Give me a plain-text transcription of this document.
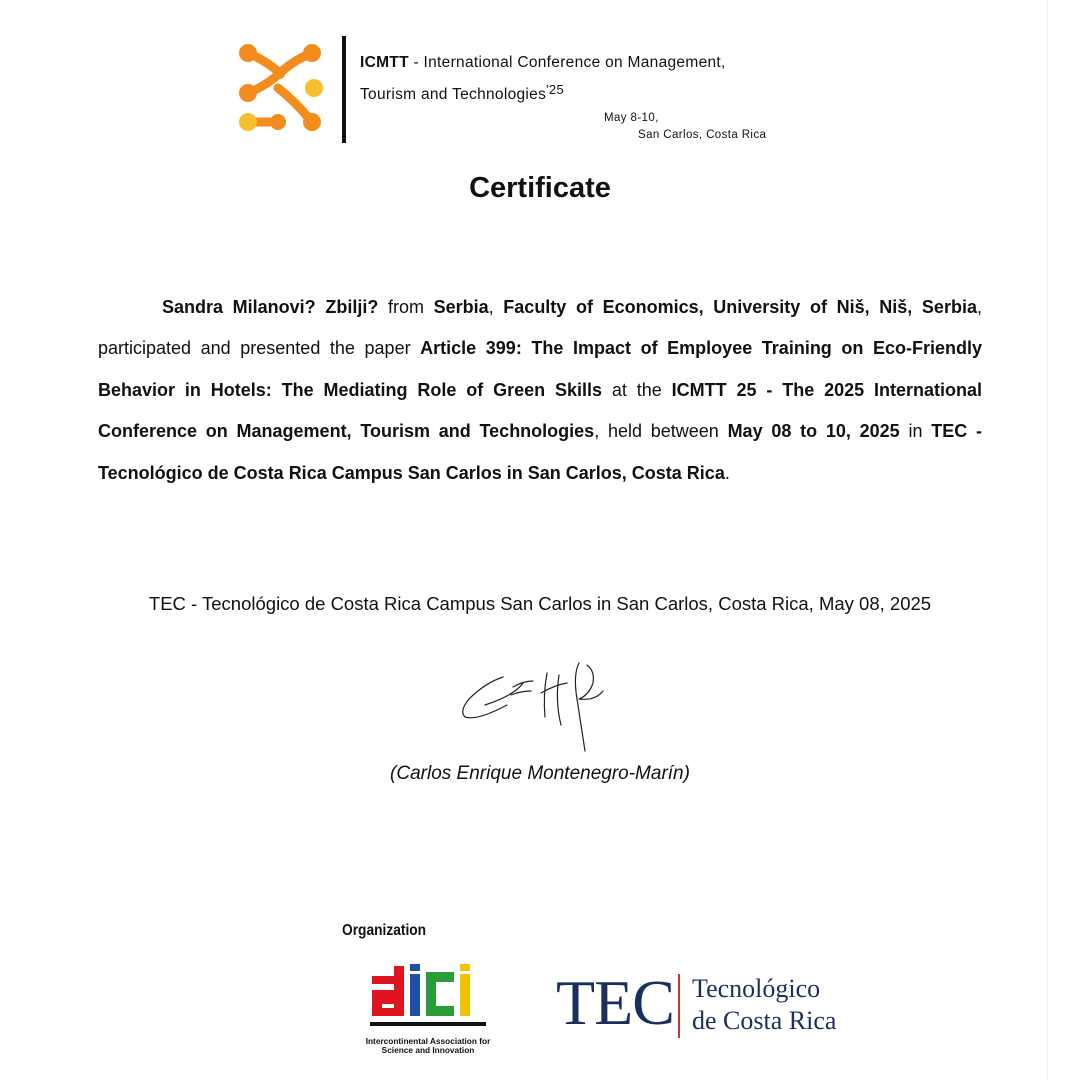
ICMTT - International Conference on Management,
Tourism and Technologies$^{'25}$
May 8-10,
San Carlos, Costa Rica
Certificate

Sandra Milanovi? Zbilji? from Serbia, Faculty of Economics, University of Niš, Niš, Serbia, participated and presented the paper Article 399: The Impact of Employee Training on Eco-Friendly Behavior in Hotels: The Mediating Role of Green Skills at the ICMTT 25 - The 2025 International Conference on Management, Tourism and Technologies, held between May 08 to 10, 2025 in TEC - Tecnológico de Costa Rica Campus San Carlos in San Carlos, Costa Rica.

TEC - Tecnológico de Costa Rica Campus San Carlos in San Carlos, Costa Rica, May 08, 2025
(Carlos Enrique Montenegro-Marín)
Organization
Intercontinental Association for Science and Innovation
TEC Tecnológico
de Costa Rica
